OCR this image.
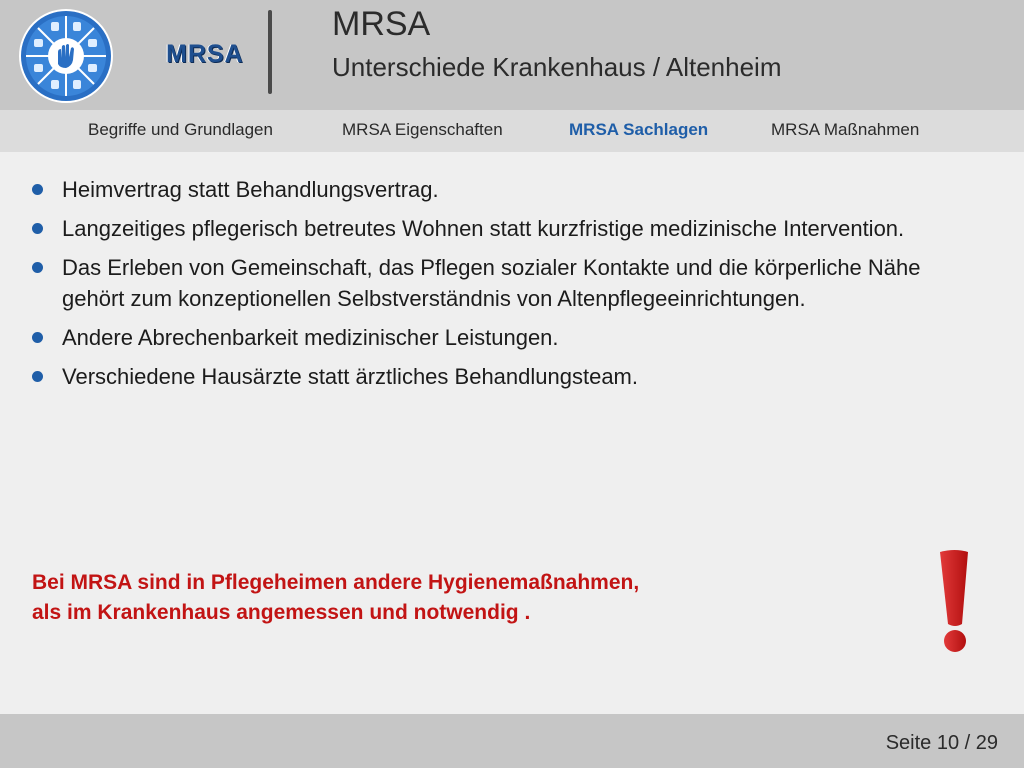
MRSA
MRSA
Unterschiede Krankenhaus / Altenheim
Begriffe und Grundlagen	MRSA Eigenschaften	MRSA Sachlagen	MRSA Maßnahmen
Heimvertrag statt Behandlungsvertrag.
Langzeitiges pflegerisch betreutes Wohnen statt kurzfristige medizinische Intervention.
Das Erleben von Gemeinschaft, das Pflegen sozialer Kontakte und die körperliche Nähe gehört zum konzeptionellen Selbstverständnis von Altenpflegeeinrichtungen.
Andere Abrechenbarkeit medizinischer Leistungen.
Verschiedene Hausärzte statt ärztliches Behandlungsteam.
Bei MRSA sind in Pflegeheimen andere Hygienemaßnahmen,
als im Krankenhaus angemessen und notwendig .
Seite 10 / 29
